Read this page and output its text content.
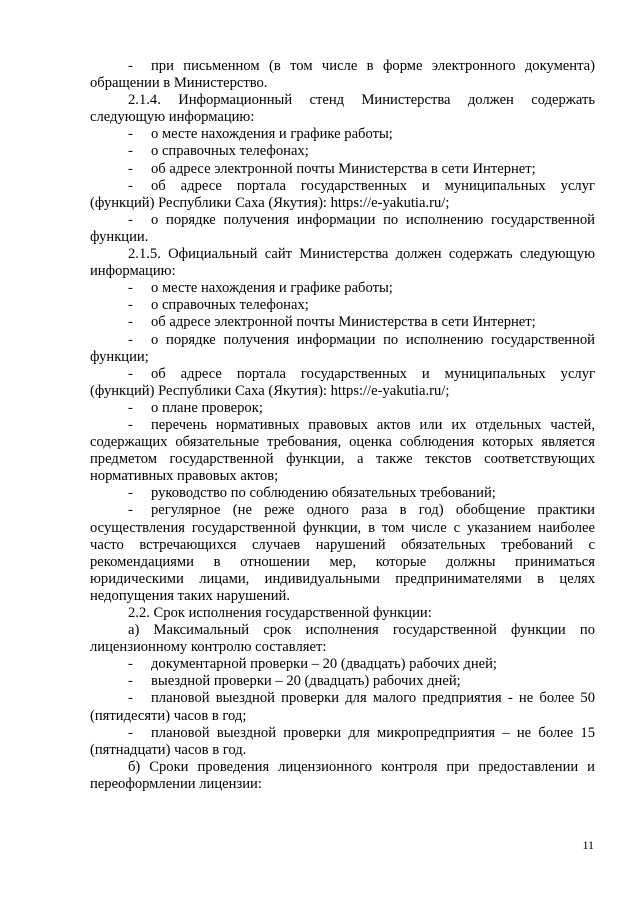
- при письменном (в том числе в форме электронного документа) обращении в Министерство.
2.1.4. Информационный стенд Министерства должен содержать следующую информацию:
- о месте нахождения и графике работы;
- о справочных телефонах;
- об адресе электронной почты Министерства в сети Интернет;
- об адресе портала государственных и муниципальных услуг (функций) Республики Саха (Якутия): https://e-yakutia.ru/;
- о порядке получения информации по исполнению государственной функции.
2.1.5. Официальный сайт Министерства должен содержать следующую информацию:
- о месте нахождения и графике работы;
- о справочных телефонах;
- об адресе электронной почты Министерства в сети Интернет;
- о порядке получения информации по исполнению государственной функции;
- об адресе портала государственных и муниципальных услуг (функций) Республики Саха (Якутия): https://e-yakutia.ru/;
- о плане проверок;
- перечень нормативных правовых актов или их отдельных частей, содержащих обязательные требования, оценка соблюдения которых является предметом государственной функции, а также текстов соответствующих нормативных правовых актов;
- руководство по соблюдению обязательных требований;
- регулярное (не реже одного раза в год) обобщение практики осуществления государственной функции, в том числе с указанием наиболее часто встречающихся случаев нарушений обязательных требований с рекомендациями в отношении мер, которые должны приниматься юридическими лицами, индивидуальными предпринимателями в целях недопущения таких нарушений.
2.2. Срок исполнения государственной функции:
а) Максимальный срок исполнения государственной функции по лицензионному контролю составляет:
- документарной проверки – 20 (двадцать) рабочих дней;
- выездной проверки – 20 (двадцать) рабочих дней;
- плановой выездной проверки для малого предприятия - не более 50 (пятидесяти) часов в год;
- плановой выездной проверки для микропредприятия – не более 15 (пятнадцати) часов в год.
б) Сроки проведения лицензионного контроля при предоставлении и переоформлении лицензии:
11
